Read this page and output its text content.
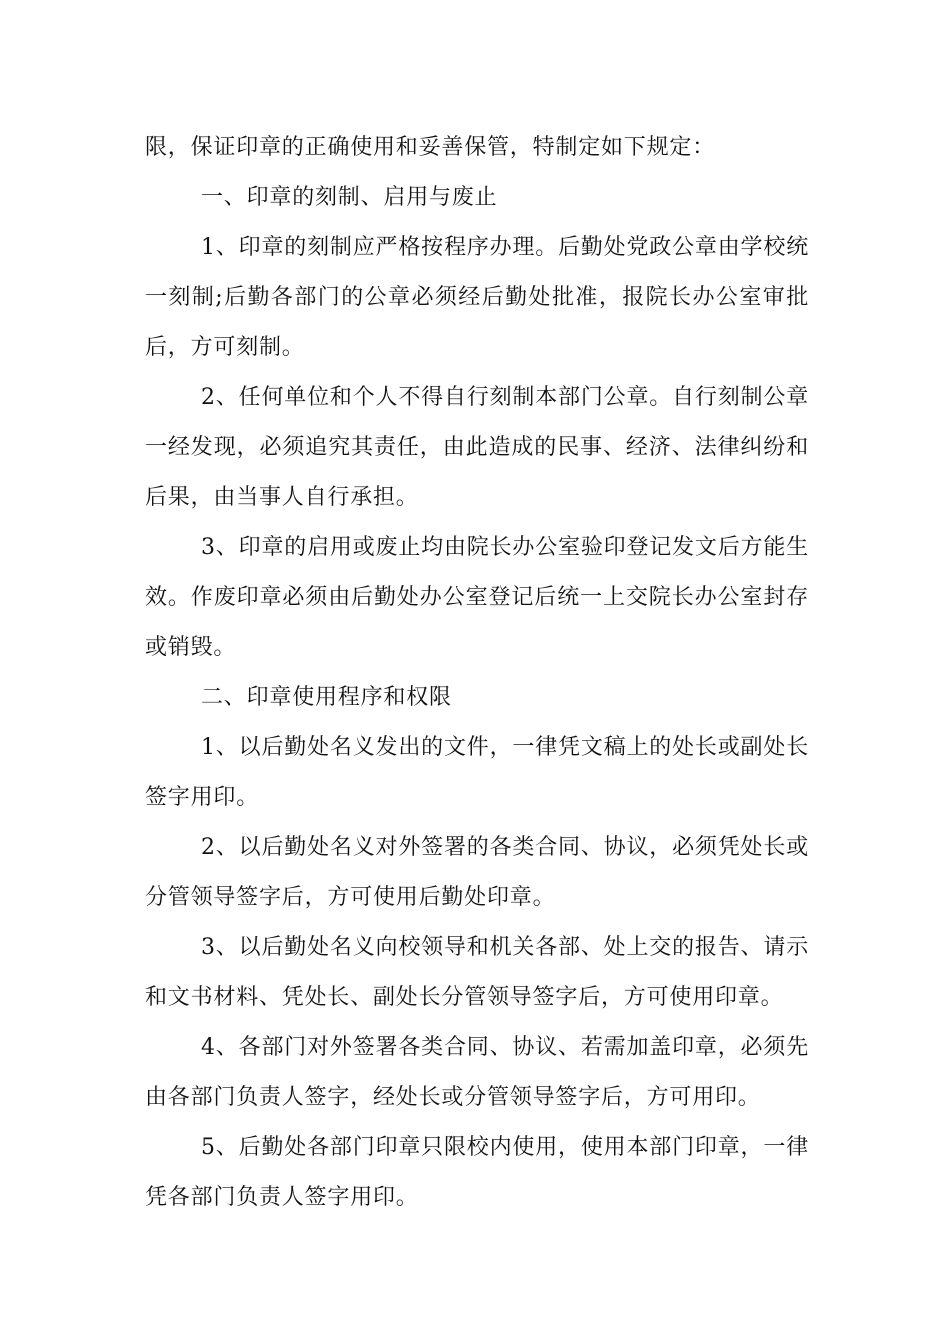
限，保证印章的正确使用和妥善保管，特制定如下规定：

一、印章的刻制、启用与废止

1、印章的刻制应严格按程序办理。后勤处党政公章由学校统一刻制;后勤各部门的公章必须经后勤处批准，报院长办公室审批后，方可刻制。

2、任何单位和个人不得自行刻制本部门公章。自行刻制公章一经发现，必须追究其责任，由此造成的民事、经济、法律纠纷和后果，由当事人自行承担。

3、印章的启用或废止均由院长办公室验印登记发文后方能生效。作废印章必须由后勤处办公室登记后统一上交院长办公室封存或销毁。

二、印章使用程序和权限

1、以后勤处名义发出的文件，一律凭文稿上的处长或副处长签字用印。

2、以后勤处名义对外签署的各类合同、协议，必须凭处长或分管领导签字后，方可使用后勤处印章。

3、以后勤处名义向校领导和机关各部、处上交的报告、请示和文书材料、凭处长、副处长分管领导签字后，方可使用印章。

4、各部门对外签署各类合同、协议、若需加盖印章，必须先由各部门负责人签字，经处长或分管领导签字后，方可用印。

5、后勤处各部门印章只限校内使用，使用本部门印章，一律凭各部门负责人签字用印。
